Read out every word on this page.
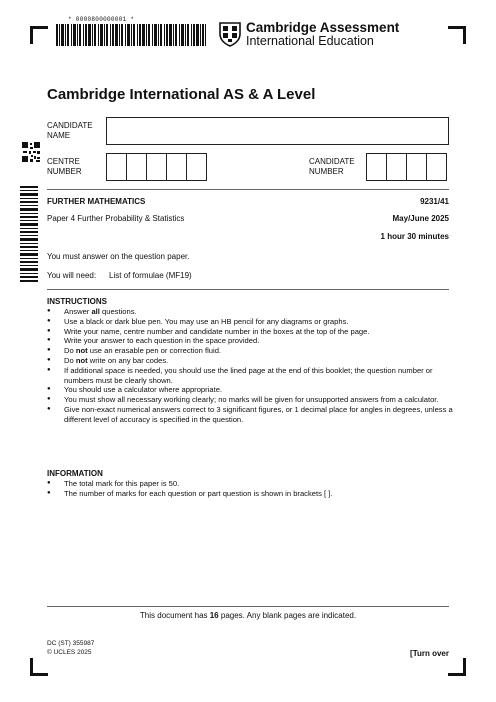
* 0000800000001 *
Cambridge Assessment
International Education
Cambridge International AS & A Level
CANDIDATE
NAME
CENTRE
NUMBER
CANDIDATE
NUMBER
FURTHER MATHEMATICS	9231/41
Paper 4 Further Probability & Statistics	May/June 2025
1 hour 30 minutes
You must answer on the question paper.
You will need: List of formulae (MF19)
INSTRUCTIONS
● Answer all questions.
● Use a black or dark blue pen. You may use an HB pencil for any diagrams or graphs.
● Write your name, centre number and candidate number in the boxes at the top of the page.
● Write your answer to each question in the space provided.
● Do not use an erasable pen or correction fluid.
● Do not write on any bar codes.
● If additional space is needed, you should use the lined page at the end of this booklet; the question number or numbers must be clearly shown.
● You should use a calculator where appropriate.
● You must show all necessary working clearly; no marks will be given for unsupported answers from a calculator.
● Give non-exact numerical answers correct to 3 significant figures, or 1 decimal place for angles in degrees, unless a different level of accuracy is specified in the question.
INFORMATION
● The total mark for this paper is 50.
● The number of marks for each question or part question is shown in brackets [ ].
This document has 16 pages. Any blank pages are indicated.
DC (ST) 355987
© UCLES 2025	[Turn over
